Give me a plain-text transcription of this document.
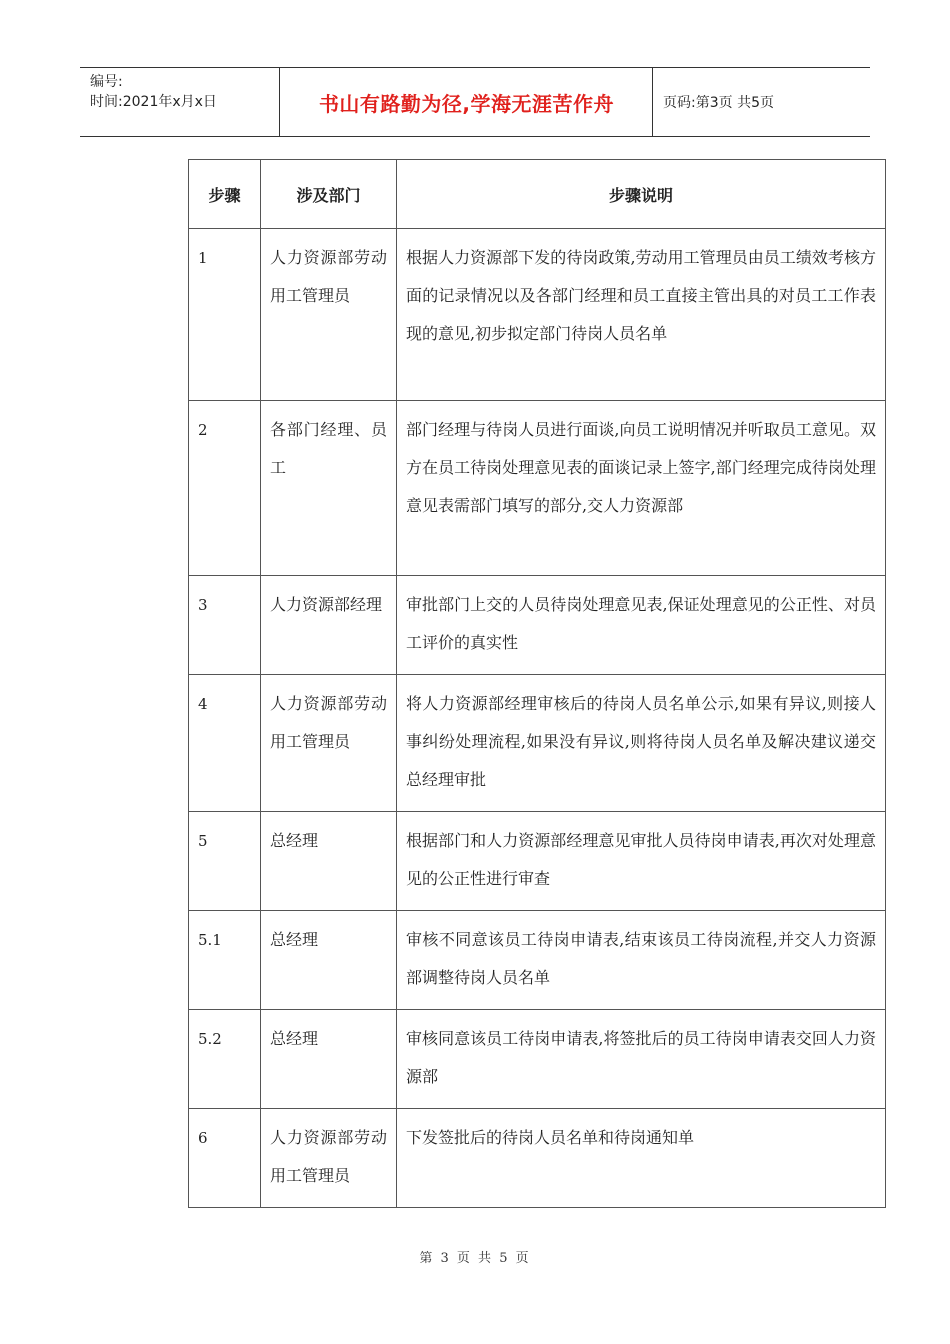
编号:
时间:2021年x月x日	书山有路勤为径,学海无涯苦作舟	页码:第3页 共5页
步骤	涉及部门	步骤说明
1	人力资源部劳动用工管理员	根据人力资源部下发的待岗政策,劳动用工管理员由员工绩效考核方面的记录情况以及各部门经理和员工直接主管出具的对员工工作表现的意见,初步拟定部门待岗人员名单
2	各部门经理、员工	部门经理与待岗人员进行面谈,向员工说明情况并听取员工意见。双方在员工待岗处理意见表的面谈记录上签字,部门经理完成待岗处理意见表需部门填写的部分,交人力资源部
3	人力资源部经理	审批部门上交的人员待岗处理意见表,保证处理意见的公正性、对员工评价的真实性
4	人力资源部劳动用工管理员	将人力资源部经理审核后的待岗人员名单公示,如果有异议,则接人事纠纷处理流程,如果没有异议,则将待岗人员名单及解决建议递交总经理审批
5	总经理	根据部门和人力资源部经理意见审批人员待岗申请表,再次对处理意见的公正性进行审查
5.1	总经理	审核不同意该员工待岗申请表,结束该员工待岗流程,并交人力资源部调整待岗人员名单
5.2	总经理	审核同意该员工待岗申请表,将签批后的员工待岗申请表交回人力资源部
6	人力资源部劳动用工管理员	下发签批后的待岗人员名单和待岗通知单
第 3 页 共 5 页
